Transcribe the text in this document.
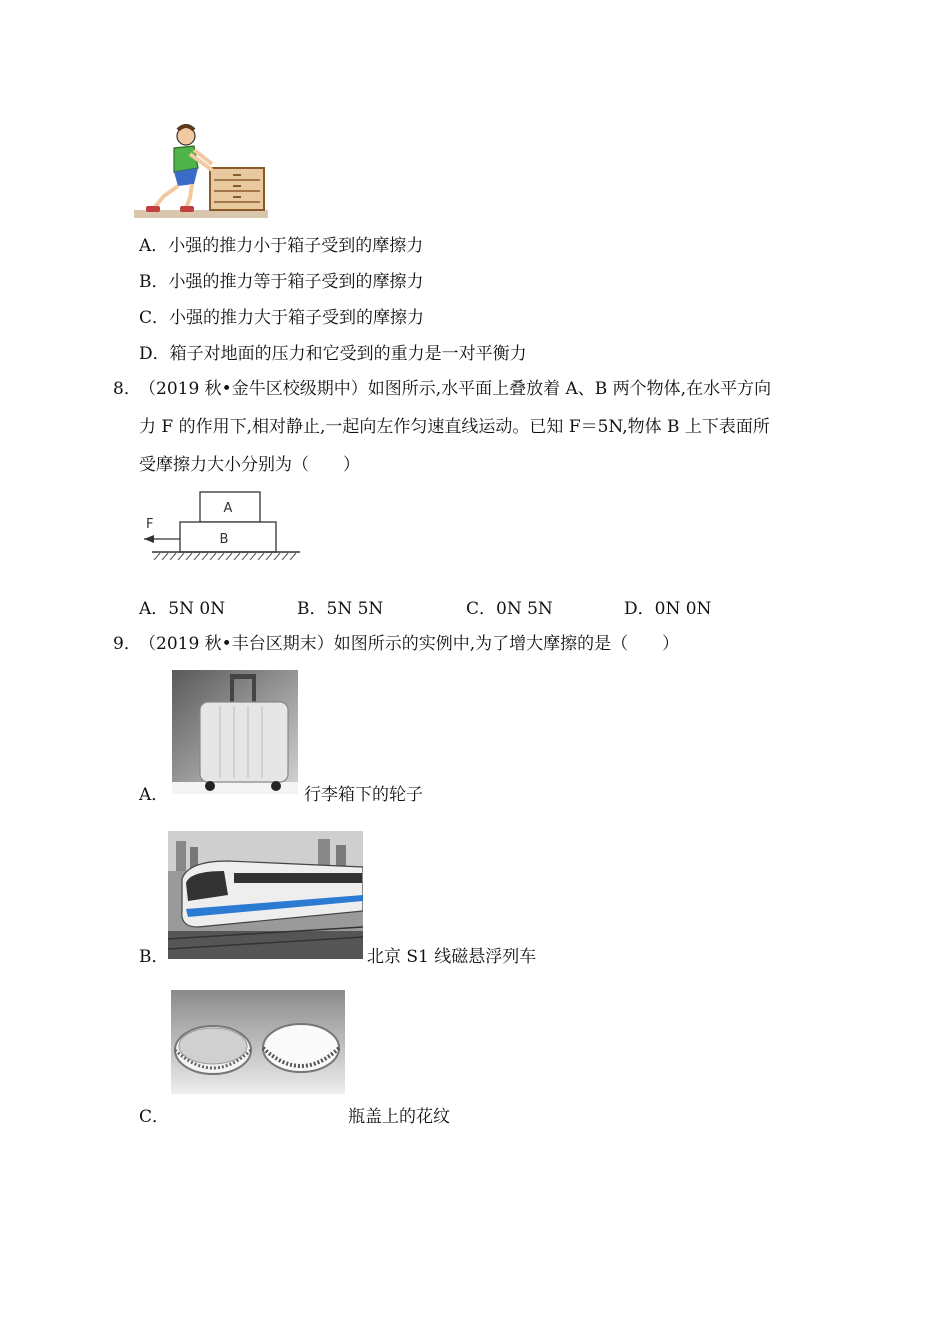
A．小强的推力小于箱子受到的摩擦力
B．小强的推力等于箱子受到的摩擦力
C．小强的推力大于箱子受到的摩擦力
D．箱子对地面的压力和它受到的重力是一对平衡力
8．
（2019 秋•金牛区校级期中）如图所示,水平面上叠放着 A、B 两个物体,在水平方向
力 F 的作用下,相对静止,一起向左作匀速直线运动。已知 F＝5N,物体 B 上下表面所
受摩擦力大小分别为（　　）
A
B
F
A．5N 0N	B．5N 5N	C．0N 5N	D．0N 0N
9．
（2019 秋•丰台区期末）如图所示的实例中,为了增大摩擦的是（　　）
A．	行李箱下的轮子
B．	北京 S1 线磁悬浮列车
C．	瓶盖上的花纹
